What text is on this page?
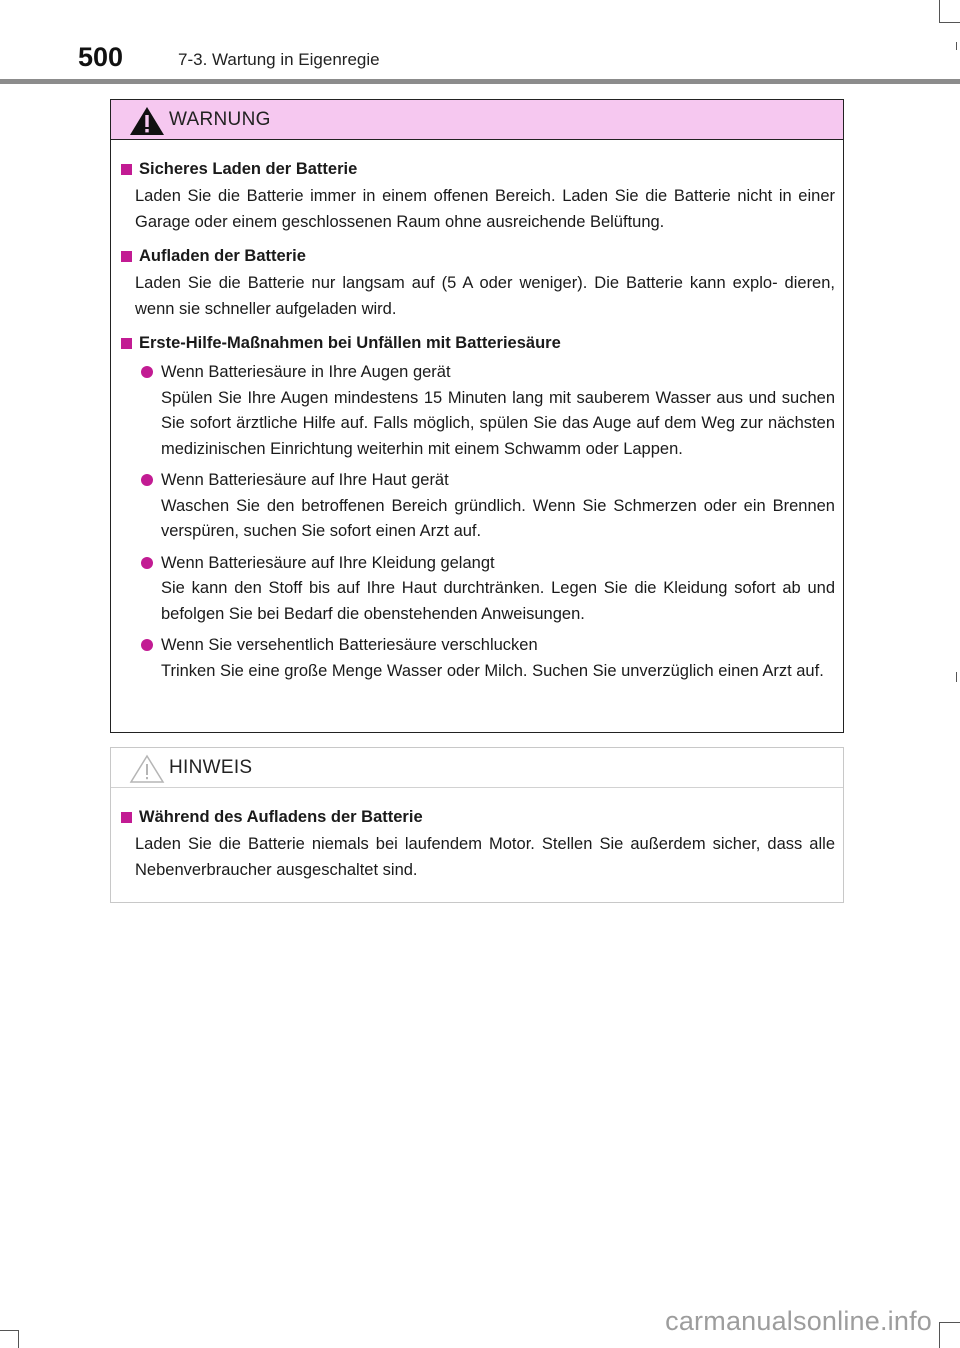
500	7-3. Wartung in Eigenregie
WARNUNG
Sicheres Laden der Batterie
Laden Sie die Batterie immer in einem offenen Bereich. Laden Sie die Batterie nicht in einer Garage oder einem geschlossenen Raum ohne ausreichende Belüftung.
Aufladen der Batterie
Laden Sie die Batterie nur langsam auf (5 A oder weniger). Die Batterie kann explo- dieren, wenn sie schneller aufgeladen wird.
Erste-Hilfe-Maßnahmen bei Unfällen mit Batteriesäure
Wenn Batteriesäure in Ihre Augen gerät
Spülen Sie Ihre Augen mindestens 15 Minuten lang mit sauberem Wasser aus und suchen Sie sofort ärztliche Hilfe auf. Falls möglich, spülen Sie das Auge auf dem Weg zur nächsten medizinischen Einrichtung weiterhin mit einem Schwamm oder Lappen.
Wenn Batteriesäure auf Ihre Haut gerät
Waschen Sie den betroffenen Bereich gründlich. Wenn Sie Schmerzen oder ein Brennen verspüren, suchen Sie sofort einen Arzt auf.
Wenn Batteriesäure auf Ihre Kleidung gelangt
Sie kann den Stoff bis auf Ihre Haut durchtränken. Legen Sie die Kleidung sofort ab und befolgen Sie bei Bedarf die obenstehenden Anweisungen.
Wenn Sie versehentlich Batteriesäure verschlucken
Trinken Sie eine große Menge Wasser oder Milch. Suchen Sie unverzüglich einen Arzt auf.
HINWEIS
Während des Aufladens der Batterie
Laden Sie die Batterie niemals bei laufendem Motor. Stellen Sie außerdem sicher, dass alle Nebenverbraucher ausgeschaltet sind.
carmanualsonline.info
